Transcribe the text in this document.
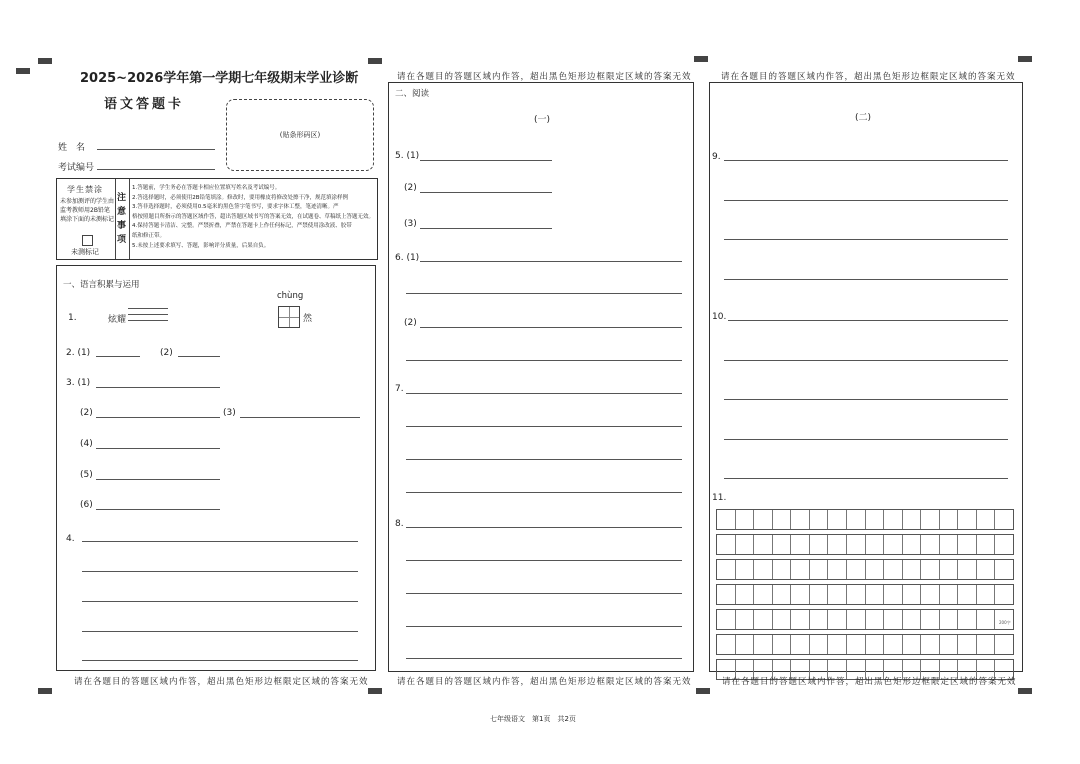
2025~2026学年第一学期七年级期末学业诊断
语文答题卡
姓　名
考试编号
(贴条形码区)
学生禁涂
未参加测评的学生由监考教师用2B铅笔填涂下面的未测标记
未测标记
注意事项
1.答题前，学生务必在答题卡相应位置填写姓名及考试编号。
2.答选择题时，必须使用2B铅笔填涂。修改时，要用橡皮将修改处擦干净，规范填涂样例
3.答非选择题时，必须使用0.5毫米的黑色签字笔书写，要求字体工整，笔迹清晰。严
格按照题目所指示的答题区域作答，超出答题区域书写的答案无效，在试题卷、草稿纸上答题无效。
4.保持答题卡清洁、完整。严禁折叠，严禁在答题卡上作任何标记，严禁使用涂改液、胶带
纸和修正带。
5.未按上述要求填写、答题，影响评分质量，后果自负。
一、语言积累与运用
1.	炫耀
chùng
然
2. (1)	(2)
3. (1)
(2)	(3)
(4)
(5)
(6)
4.
请在各题目的答题区域内作答，超出黑色矩形边框限定区域的答案无效
请在各题目的答题区域内作答，超出黑色矩形边框限定区域的答案无效
二、阅读
(一)
5. (1)
(2)
(3)
6. (1)
(2)
7.
8.
请在各题目的答题区域内作答，超出黑色矩形边框限定区域的答案无效
请在各题目的答题区域内作答，超出黑色矩形边框限定区域的答案无效
(二)
9.
10.
11.
200字
请在各题目的答题区域内作答，超出黑色矩形边框限定区域的答案无效
七年级语文　第1页　共2页
